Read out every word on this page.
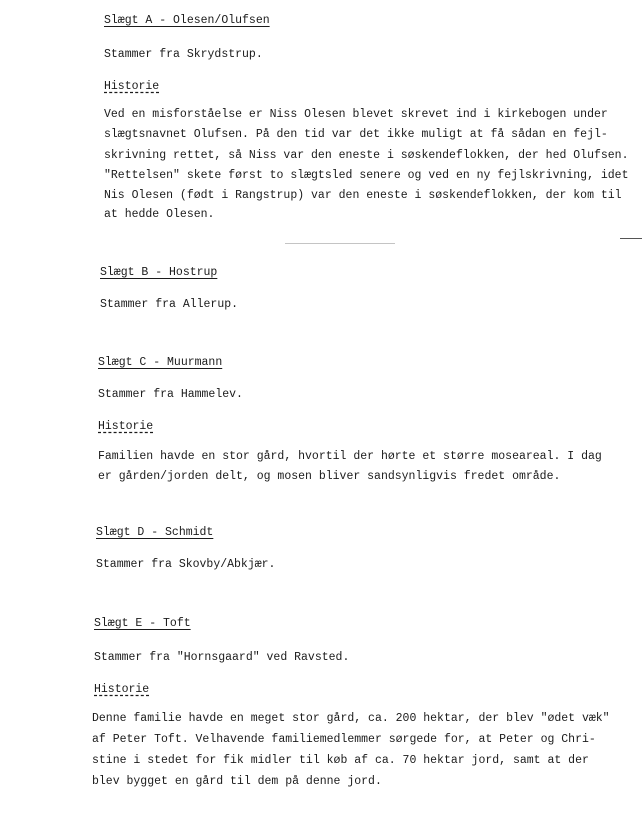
Slægt A - Olesen/Olufsen
Stammer fra Skrydstrup.
Historie
Ved en misforståelse er Niss Olesen blevet skrevet ind i kirkebogen under
slægtsnavnet Olufsen. På den tid var det ikke muligt at få sådan en fejl-
skrivning rettet, så Niss var den eneste i søskendeflokken, der hed Olufsen.
"Rettelsen" skete først to slægtsled senere og ved en ny fejlskrivning, idet
Nis Olesen (født i Rangstrup) var den eneste i søskendeflokken, der kom til
at hedde Olesen.
Slægt B - Hostrup
Stammer fra Allerup.
Slægt C - Muurmann
Stammer fra Hammelev.
Historie
Familien havde en stor gård, hvortil der hørte et større moseareal. I dag
er gården/jorden delt, og mosen bliver sandsynligvis fredet område.
Slægt D - Schmidt
Stammer fra Skovby/Abkjær.
Slægt E - Toft
Stammer fra "Hornsgaard" ved Ravsted.
Historie
Denne familie havde en meget stor gård, ca. 200 hektar, der blev "ødet væk"
af Peter Toft. Velhavende familiemedlemmer sørgede for, at Peter og Chri-
stine i stedet for fik midler til køb af ca. 70 hektar jord, samt at der
blev bygget en gård til dem på denne jord.
